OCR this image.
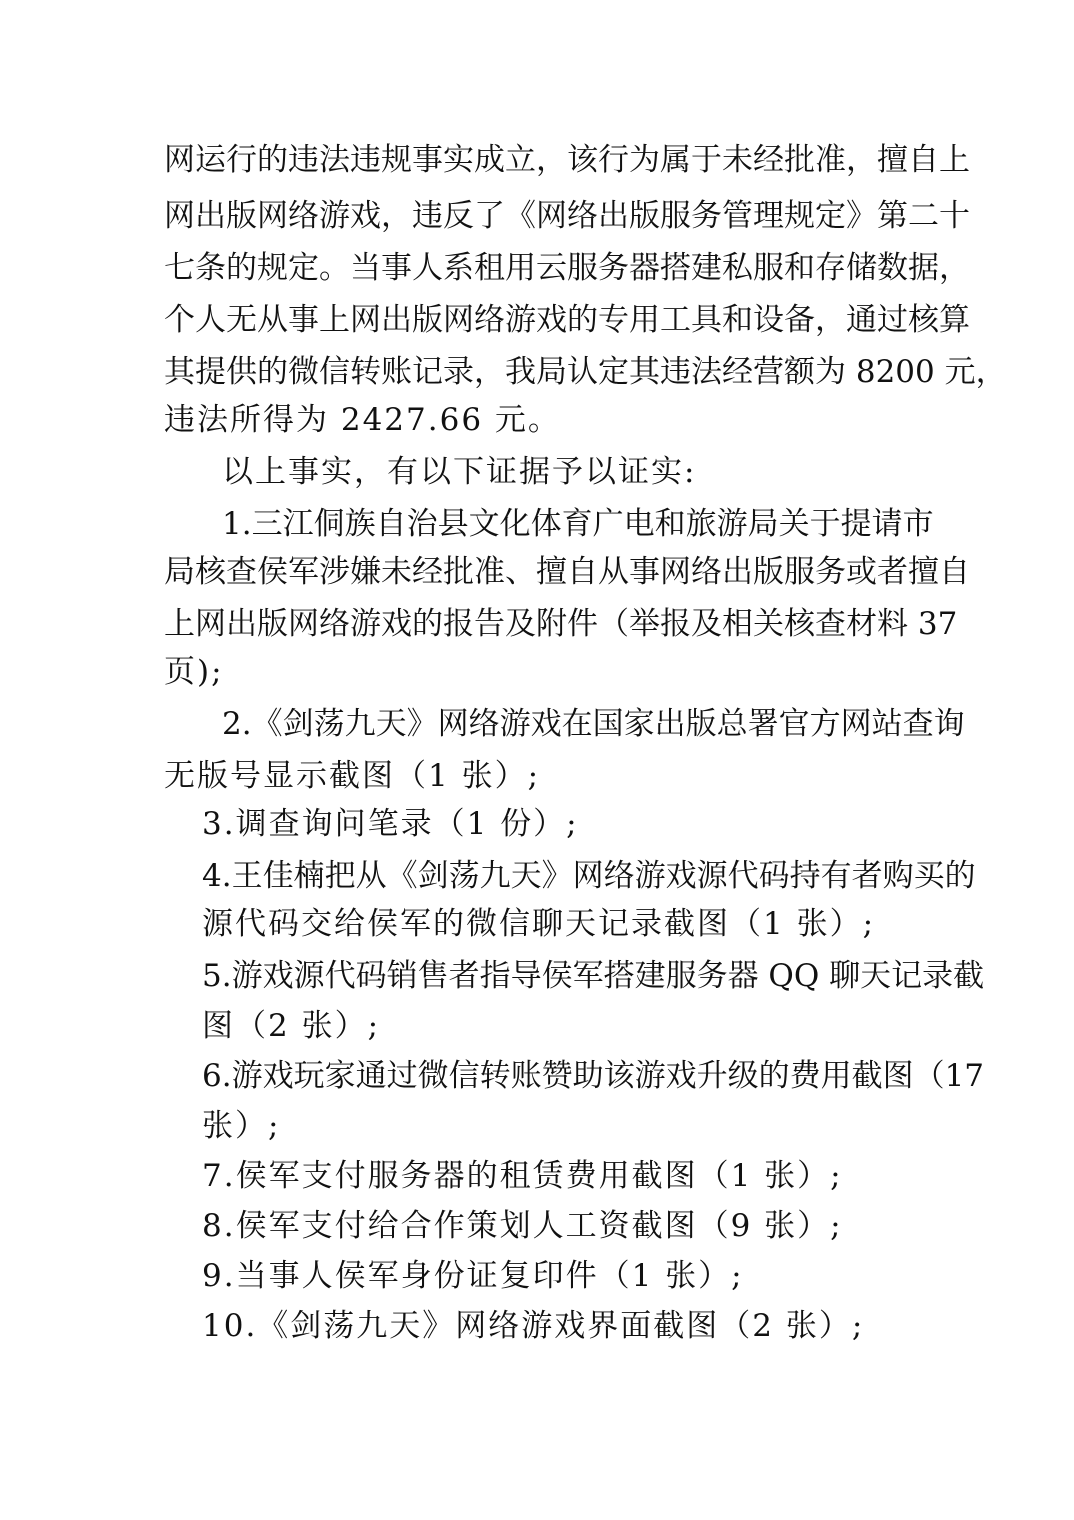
网运行的违法违规事实成立，该行为属于未经批准，擅自上
网出版网络游戏，违反了《网络出版服务管理规定》第二十
七条的规定。当事人系租用云服务器搭建私服和存储数据，
个人无从事上网出版网络游戏的专用工具和设备，通过核算
其提供的微信转账记录，我局认定其违法经营额为 8200 元，
违法所得为 2427.66 元。
以上事实，有以下证据予以证实:
1.三江侗族自治县文化体育广电和旅游局关于提请市
局核查侯军涉嫌未经批准、擅自从事网络出版服务或者擅自
上网出版网络游戏的报告及附件（举报及相关核查材料 37
页);
2.《剑荡九天》网络游戏在国家出版总署官方网站查询
无版号显示截图（1 张）;
3.调查询问笔录（1 份）;
4.王佳楠把从《剑荡九天》网络游戏源代码持有者购买的
源代码交给侯军的微信聊天记录截图（1 张）;
5.游戏源代码销售者指导侯军搭建服务器 QQ 聊天记录截
图（2 张）;
6.游戏玩家通过微信转账赞助该游戏升级的费用截图（17
张）;
7.侯军支付服务器的租赁费用截图（1 张）;
8.侯军支付给合作策划人工资截图（9 张）;
9.当事人侯军身份证复印件（1 张）;
10.《剑荡九天》网络游戏界面截图（2 张）;
